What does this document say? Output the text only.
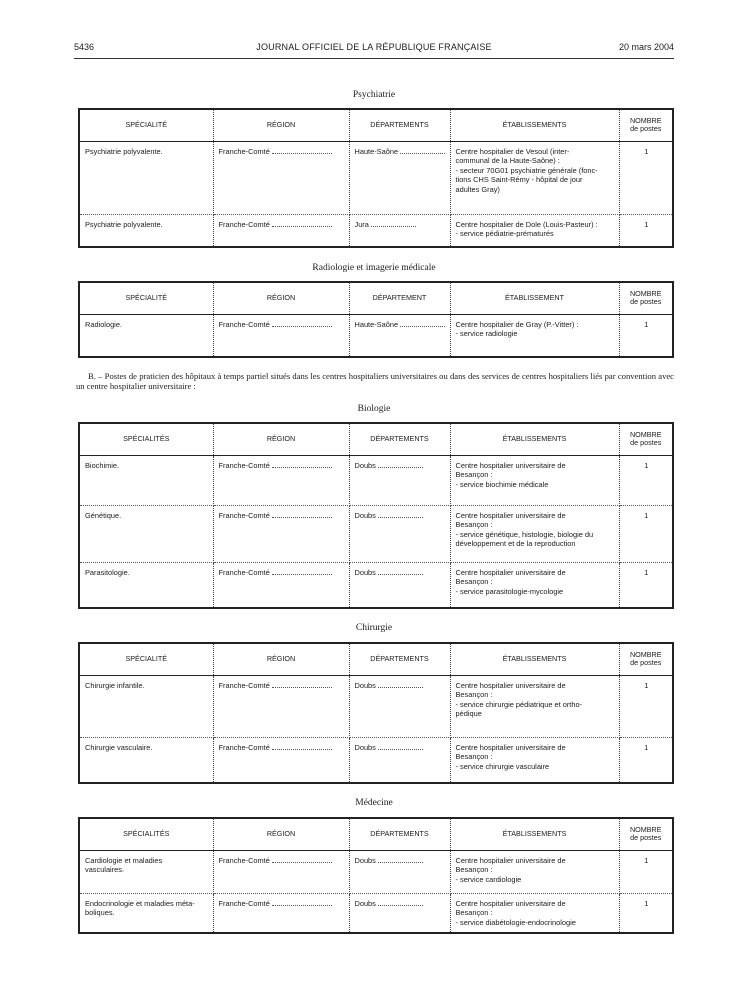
5436	JOURNAL OFFICIEL DE LA RÉPUBLIQUE FRANÇAISE	20 mars 2004
Psychiatrie
SPÉCIALITÉ	RÉGION	DÉPARTEMENTS	ÉTABLISSEMENTS	NOMBRE
de postes

Psychiatrie polyvalente.	Franche-Comté	Haute-Saône	Centre hospitalier de Vesoul (inter-
communal de la Haute-Saône) :
- secteur 70G01 psychiatrie générale (fonc-
tions CHS Saint-Rémy - hôpital de jour
adultes Gray)	1

Psychiatrie polyvalente.	Franche-Comté	Jura	Centre hospitalier de Dole (Louis-Pasteur) :
- service pédiatrie-prématurés	1
Radiologie et imagerie médicale
SPÉCIALITÉ	RÉGION	DÉPARTEMENT	ÉTABLISSEMENT	NOMBRE
de postes

Radiologie.	Franche-Comté	Haute-Saône	Centre hospitalier de Gray (P.-Vitter) :
- service radiologie	1
B. – Postes de praticien des hôpitaux à temps partiel situés dans les centres hospitaliers universitaires ou dans des services de centres hospitaliers liés par convention avec un centre hospitalier universitaire :
Biologie
SPÉCIALITÉS	RÉGION	DÉPARTEMENTS	ÉTABLISSEMENTS	NOMBRE
de postes

Biochimie.	Franche-Comté	Doubs	Centre hospitalier universitaire de
Besançon :
- service biochimie médicale	1

Génétique.	Franche-Comté	Doubs	Centre hospitalier universitaire de
Besançon :
- service génétique, histologie, biologie du
développement et de la reproduction	1

Parasitologie.	Franche-Comté	Doubs	Centre hospitalier universitaire de
Besançon :
- service parasitologie-mycologie	1
Chirurgie
SPÉCIALITÉ	RÉGION	DÉPARTEMENTS	ÉTABLISSEMENTS	NOMBRE
de postes

Chirurgie infantile.	Franche-Comté	Doubs	Centre hospitalier universitaire de
Besançon :
- service chirurgie pédiatrique et ortho-
pédique	1

Chirurgie vasculaire.	Franche-Comté	Doubs	Centre hospitalier universitaire de
Besançon :
- service chirurgie vasculaire	1
Médecine
SPÉCIALITÉS	RÉGION	DÉPARTEMENTS	ÉTABLISSEMENTS	NOMBRE
de postes

Cardiologie et maladies
vasculaires.	Franche-Comté	Doubs	Centre hospitalier universitaire de
Besançon :
- service cardiologie	1

Endocrinologie et maladies méta-
boliques.	Franche-Comté	Doubs	Centre hospitalier universitaire de
Besançon :
- service diabétologie-endocrinologie	1
